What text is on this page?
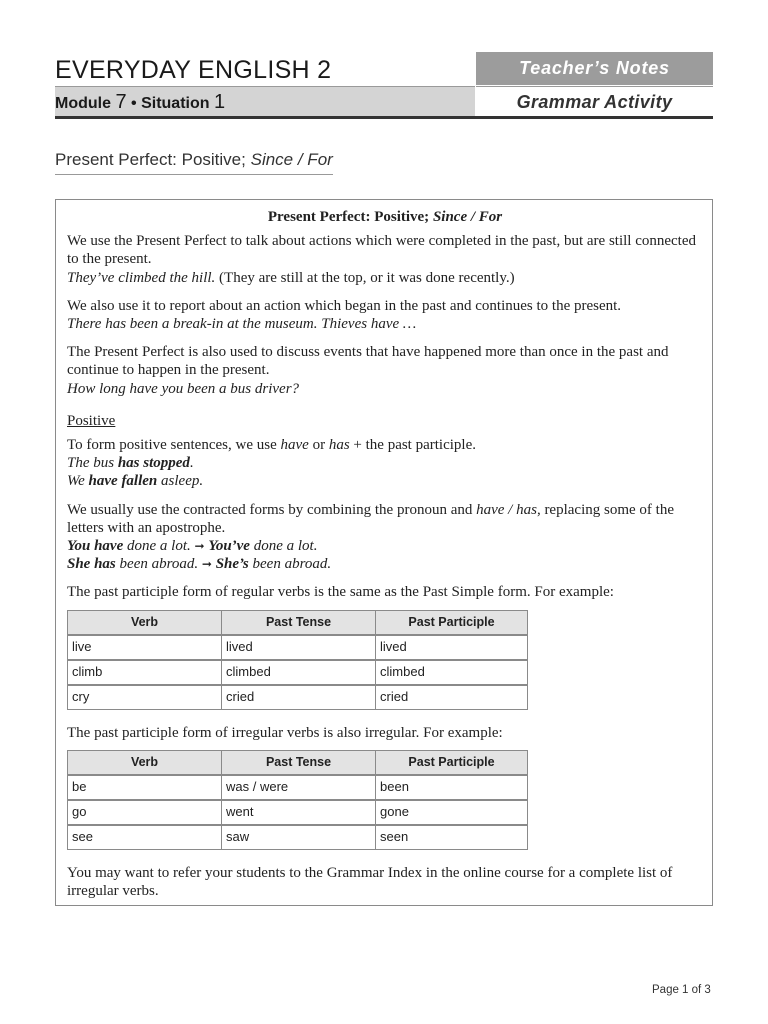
EVERYDAY ENGLISH 2
Module 7 • Situation 1
Teacher’s Notes
Grammar Activity
Present Perfect: Positive; Since / For

Present Perfect: Positive; Since / For

We use the Present Perfect to talk about actions which were completed in the past, but are still connected to the present.

They’ve climbed the hill. (They are still at the top, or it was done recently.)

We also use it to report about an action which began in the past and continues to the present.

There has been a break-in at the museum. Thieves have …

The Present Perfect is also used to discuss events that have happened more than once in the past and continue to happen in the present.

How long have you been a bus driver?

Positive

To form positive sentences, we use have or has + the past participle.

The bus has stopped.

We have fallen asleep.

We usually use the contracted forms by combining the pronoun and have / has, replacing some of the letters with an apostrophe.

You have done a lot. ➞ You’ve done a lot.

She has been abroad. ➞ She’s been abroad.

The past participle form of regular verbs is the same as the Past Simple form. For example:

Verb	Past Tense	Past Participle
live	lived	lived
climb	climbed	climbed
cry	cried	cried

The past participle form of irregular verbs is also irregular. For example:

Verb	Past Tense	Past Participle
be	was / were	been
go	went	gone
see	saw	seen

You may want to refer your students to the Grammar Index in the online course for a complete list of irregular verbs.

Page 1 of 3
